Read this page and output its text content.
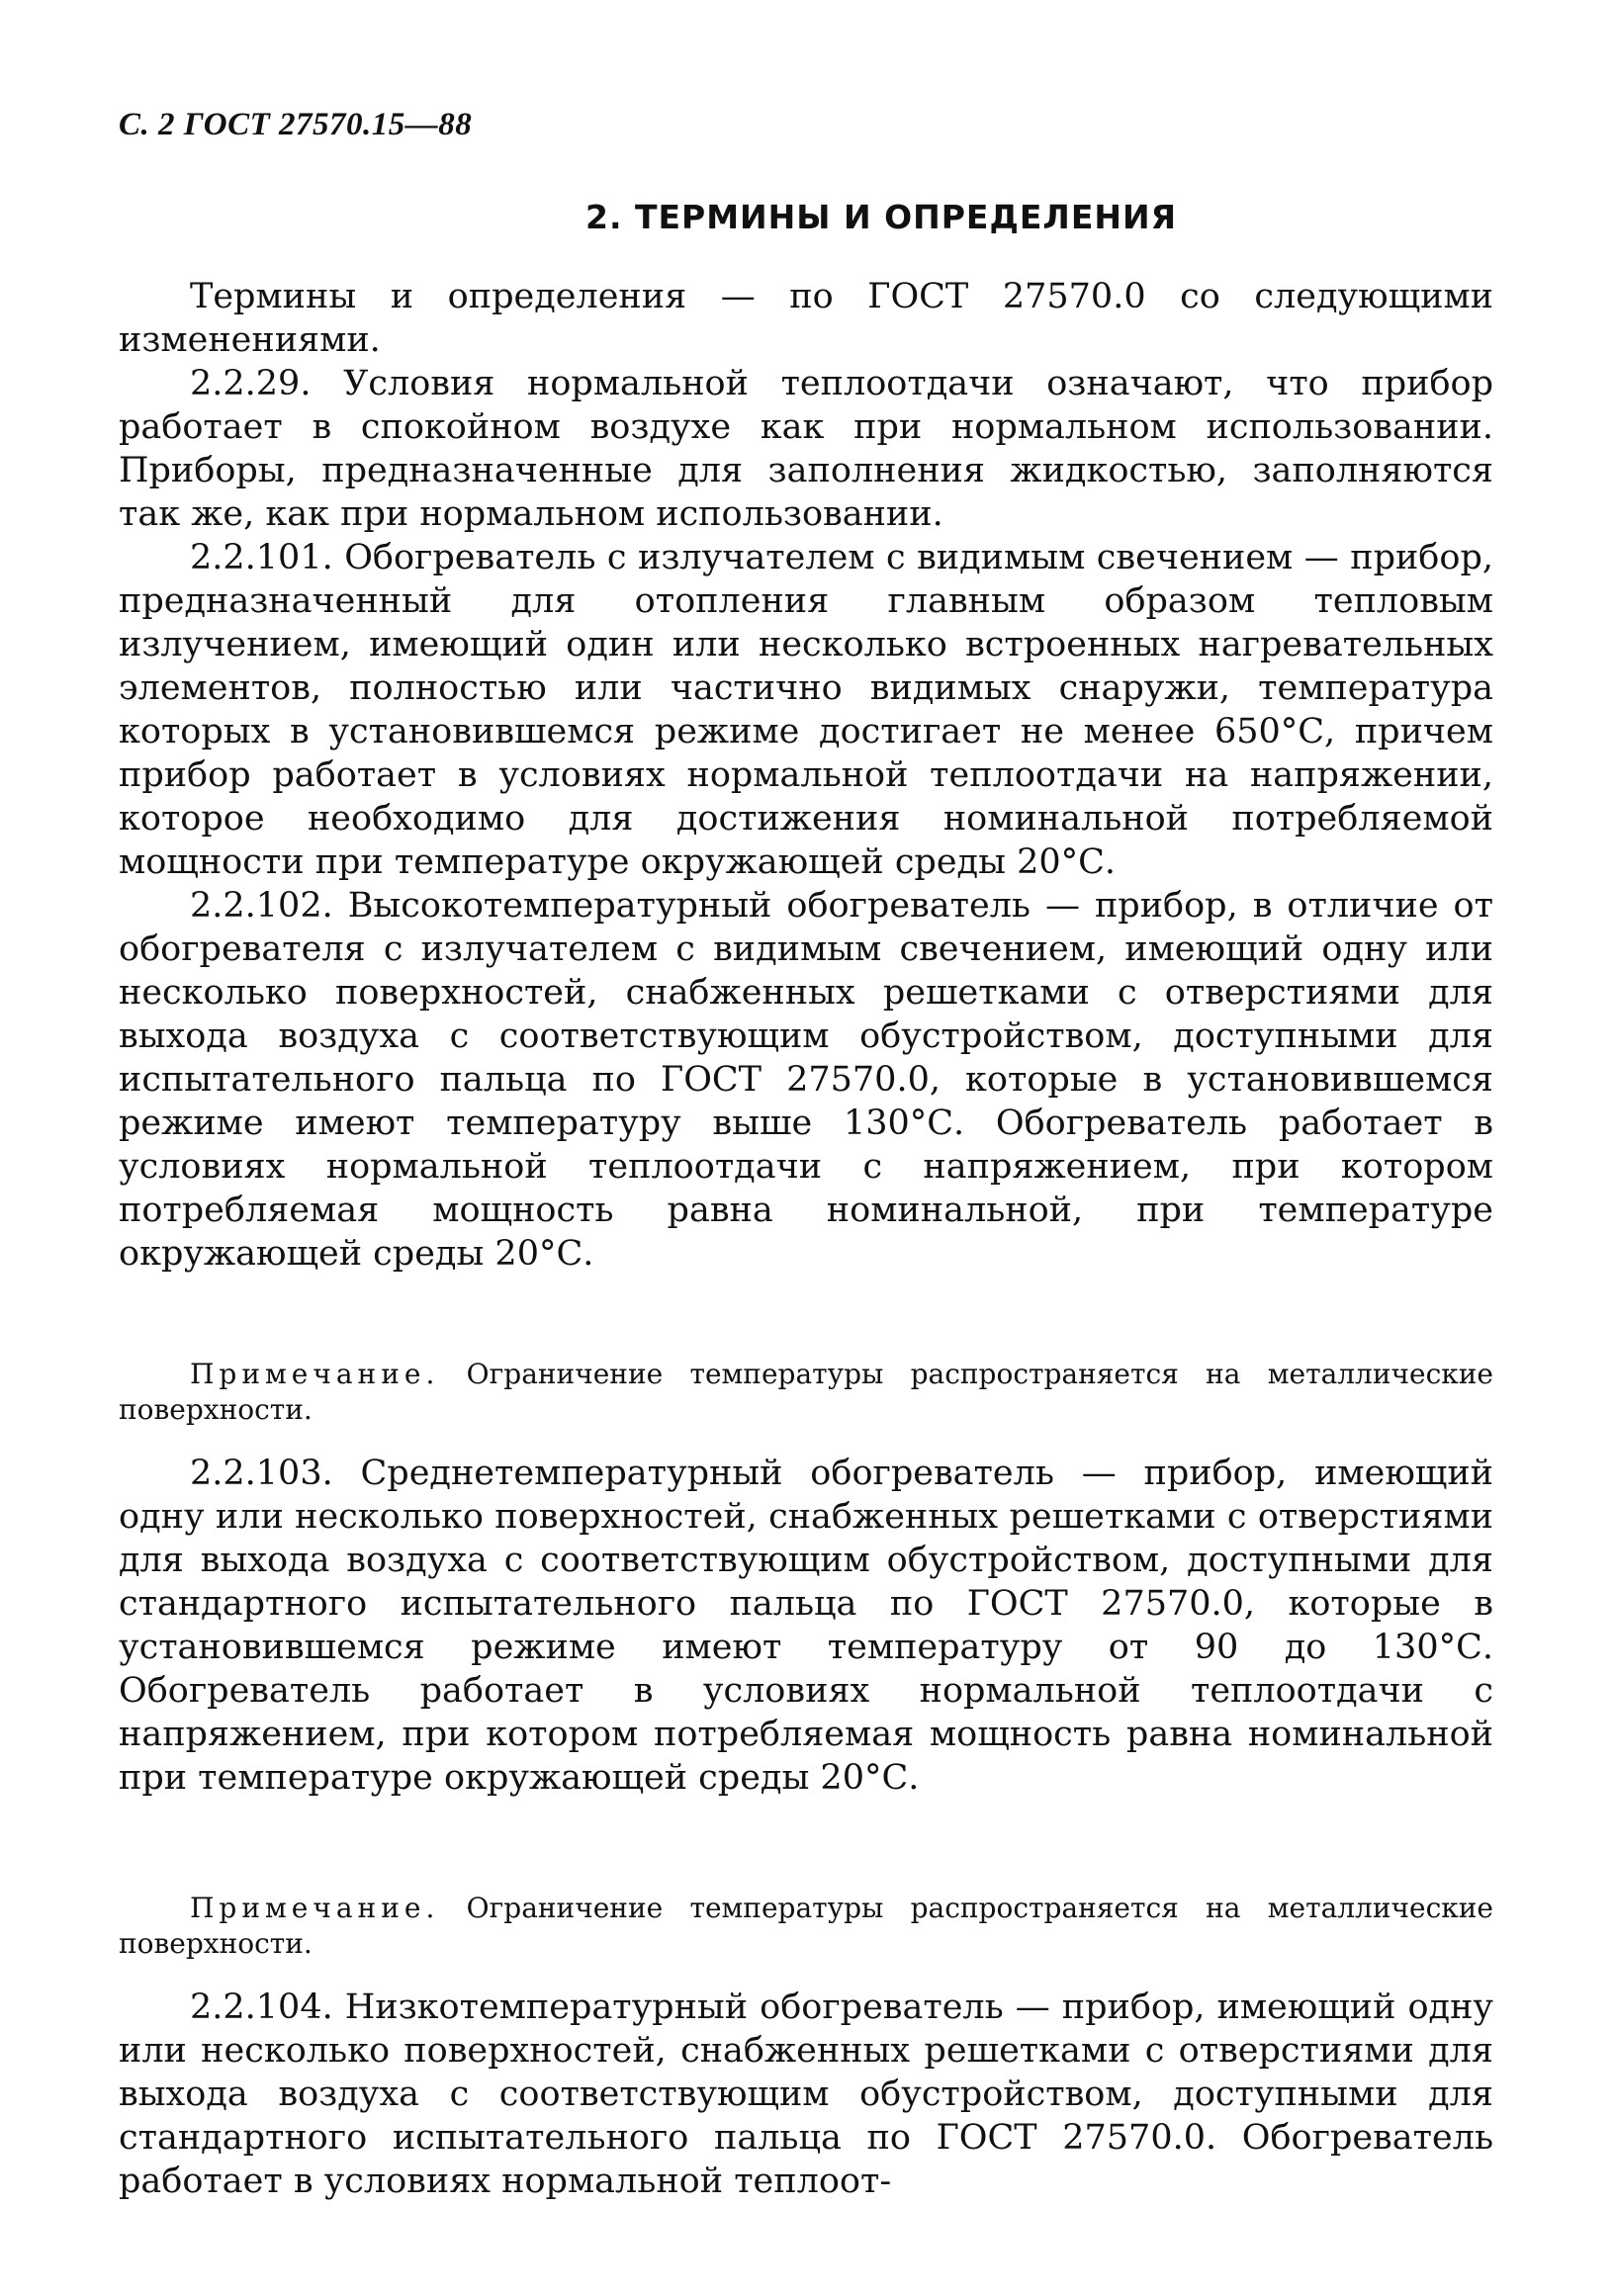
С. 2 ГОСТ 27570.15—88
2. ТЕРМИНЫ И ОПРЕДЕЛЕНИЯ

Термины и определения — по ГОСТ 27570.0 со следующими изменениями.

2.2.29. Условия нормальной теплоотдачи означают, что прибор работает в спокойном воздухе как при нормальном использовании. Приборы, предназначенные для заполнения жидкостью, заполняются так же, как при нормальном использовании.

2.2.101. Обогреватель с излучателем с видимым свечением — прибор, предназначенный для отопления главным образом тепловым излучением, имеющий один или несколько встроенных нагревательных элементов, полностью или частично видимых снаружи, температура которых в установившемся режиме достигает не менее 650°С, причем прибор работает в условиях нормальной теплоотдачи на напряжении, которое необходимо для достижения номинальной потребляемой мощности при температуре окружающей среды 20°С.

2.2.102. Высокотемпературный обогреватель — прибор, в отличие от обогревателя с излучателем с видимым свечением, имеющий одну или несколько поверхностей, снабженных решетками с отверстиями для выхода воздуха с соответствующим обустройством, доступными для испытательного пальца по ГОСТ 27570.0, которые в установившемся режиме имеют температуру выше 130°С. Обогреватель работает в условиях нормальной теплоотдачи с напряжением, при котором потребляемая мощность равна номинальной, при температуре окружающей среды 20°С.

Примечание. Ограничение температуры распространяется на металлические поверхности.

2.2.103. Среднетемпературный обогреватель — прибор, имеющий одну или несколько поверхностей, снабженных решетками с отверстиями для выхода воздуха с соответствующим обустройством, доступными для стандартного испытательного пальца по ГОСТ 27570.0, которые в установившемся режиме имеют температуру от 90 до 130°С. Обогреватель работает в условиях нормальной теплоотдачи с напряжением, при котором потребляемая мощность равна номинальной при температуре окружающей среды 20°С.

Примечание. Ограничение температуры распространяется на металлические поверхности.

2.2.104. Низкотемпературный обогреватель — прибор, имеющий одну или несколько поверхностей, снабженных решетками с отверстиями для выхода воздуха с соответствующим обустройством, доступными для стандартного испытательного пальца по ГОСТ 27570.0. Обогреватель работает в условиях нормальной теплоот-
